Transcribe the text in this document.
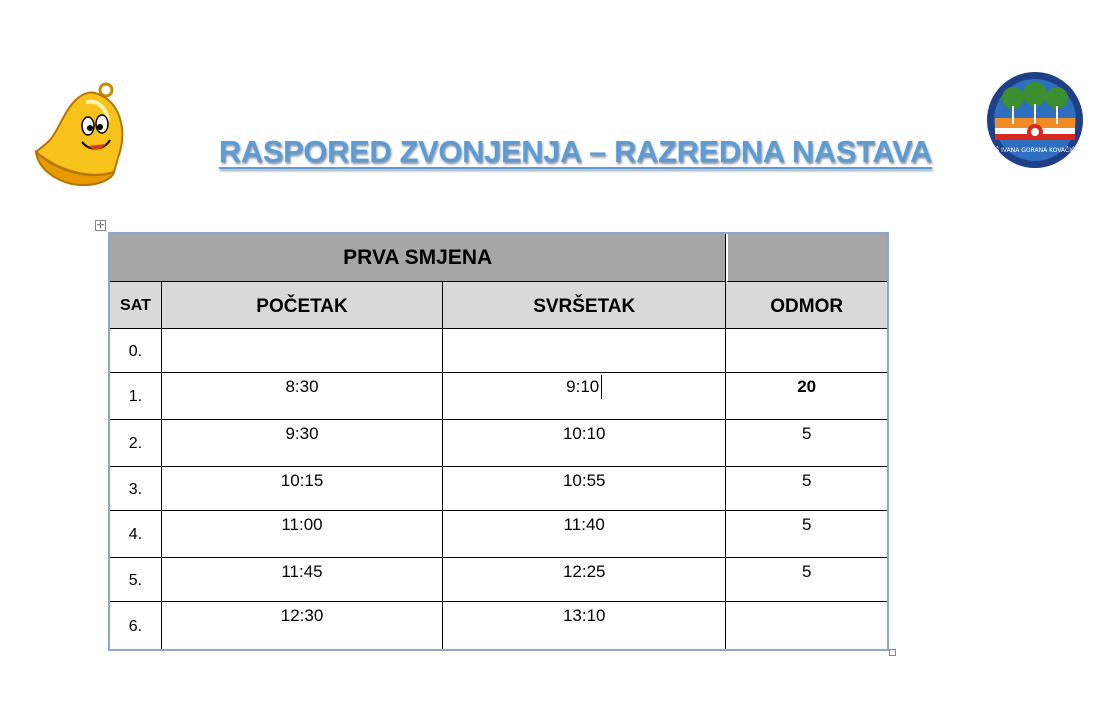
OŠ IVANA GORANA KOVAČIĆA
RASPORED ZVONJENJA – RAZREDNA NASTAVA
✛
PRVA SMJENA			
SAT	POČETAK	SVRŠETAK	ODMOR
0.			
1.	8:30	9:10	20
2.	9:30	10:10	5
3.	10:15	10:55	5
4.	11:00	11:40	5
5.	11:45	12:25	5
6.	12:30	13:10	
